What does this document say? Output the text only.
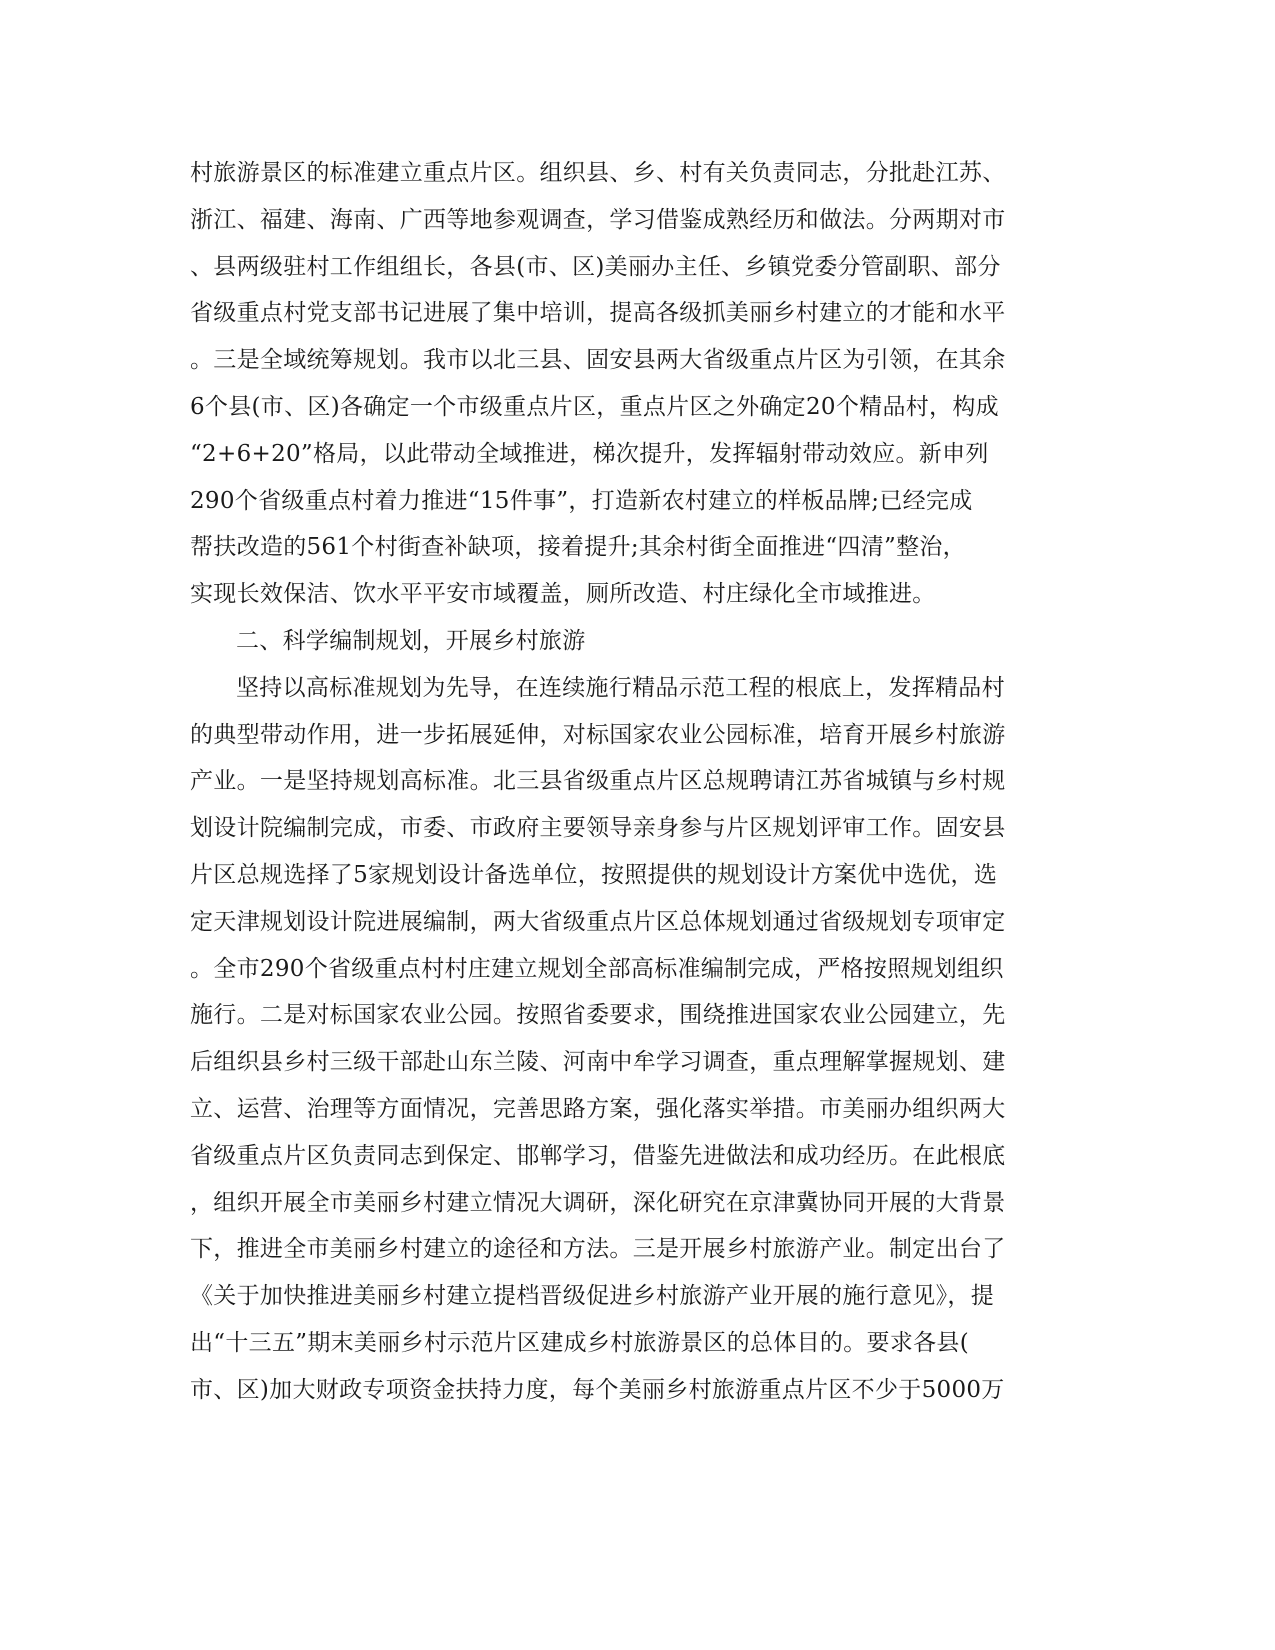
村旅游景区的标准建立重点片区。组织县、乡、村有关负责同志，分批赴江苏、
浙江、福建、海南、广西等地参观调查，学习借鉴成熟经历和做法。分两期对市
、县两级驻村工作组组长，各县(市、区)美丽办主任、乡镇党委分管副职、部分
省级重点村党支部书记进展了集中培训，提高各级抓美丽乡村建立的才能和水平
。三是全域统筹规划。我市以北三县、固安县两大省级重点片区为引领，在其余
6个县(市、区)各确定一个市级重点片区，重点片区之外确定20个精品村，构成
“2+6+20”格局，以此带动全域推进，梯次提升，发挥辐射带动效应。新申列
290个省级重点村着力推进“15件事”，打造新农村建立的样板品牌;已经完成
帮扶改造的561个村街查补缺项，接着提升;其余村街全面推进“四清”整治，
实现长效保洁、饮水平平安市域覆盖，厕所改造、村庄绿化全市域推进。
二、科学编制规划，开展乡村旅游
坚持以高标准规划为先导，在连续施行精品示范工程的根底上，发挥精品村
的典型带动作用，进一步拓展延伸，对标国家农业公园标准，培育开展乡村旅游
产业。一是坚持规划高标准。北三县省级重点片区总规聘请江苏省城镇与乡村规
划设计院编制完成，市委、市政府主要领导亲身参与片区规划评审工作。固安县
片区总规选择了5家规划设计备选单位，按照提供的规划设计方案优中选优，选
定天津规划设计院进展编制，两大省级重点片区总体规划通过省级规划专项审定
。全市290个省级重点村村庄建立规划全部高标准编制完成，严格按照规划组织
施行。二是对标国家农业公园。按照省委要求，围绕推进国家农业公园建立，先
后组织县乡村三级干部赴山东兰陵、河南中牟学习调查，重点理解掌握规划、建
立、运营、治理等方面情况，完善思路方案，强化落实举措。市美丽办组织两大
省级重点片区负责同志到保定、邯郸学习，借鉴先进做法和成功经历。在此根底
，组织开展全市美丽乡村建立情况大调研，深化研究在京津冀协同开展的大背景
下，推进全市美丽乡村建立的途径和方法。三是开展乡村旅游产业。制定出台了
《关于加快推进美丽乡村建立提档晋级促进乡村旅游产业开展的施行意见》，提
出“十三五”期末美丽乡村示范片区建成乡村旅游景区的总体目的。要求各县(
市、区)加大财政专项资金扶持力度，每个美丽乡村旅游重点片区不少于5000万
